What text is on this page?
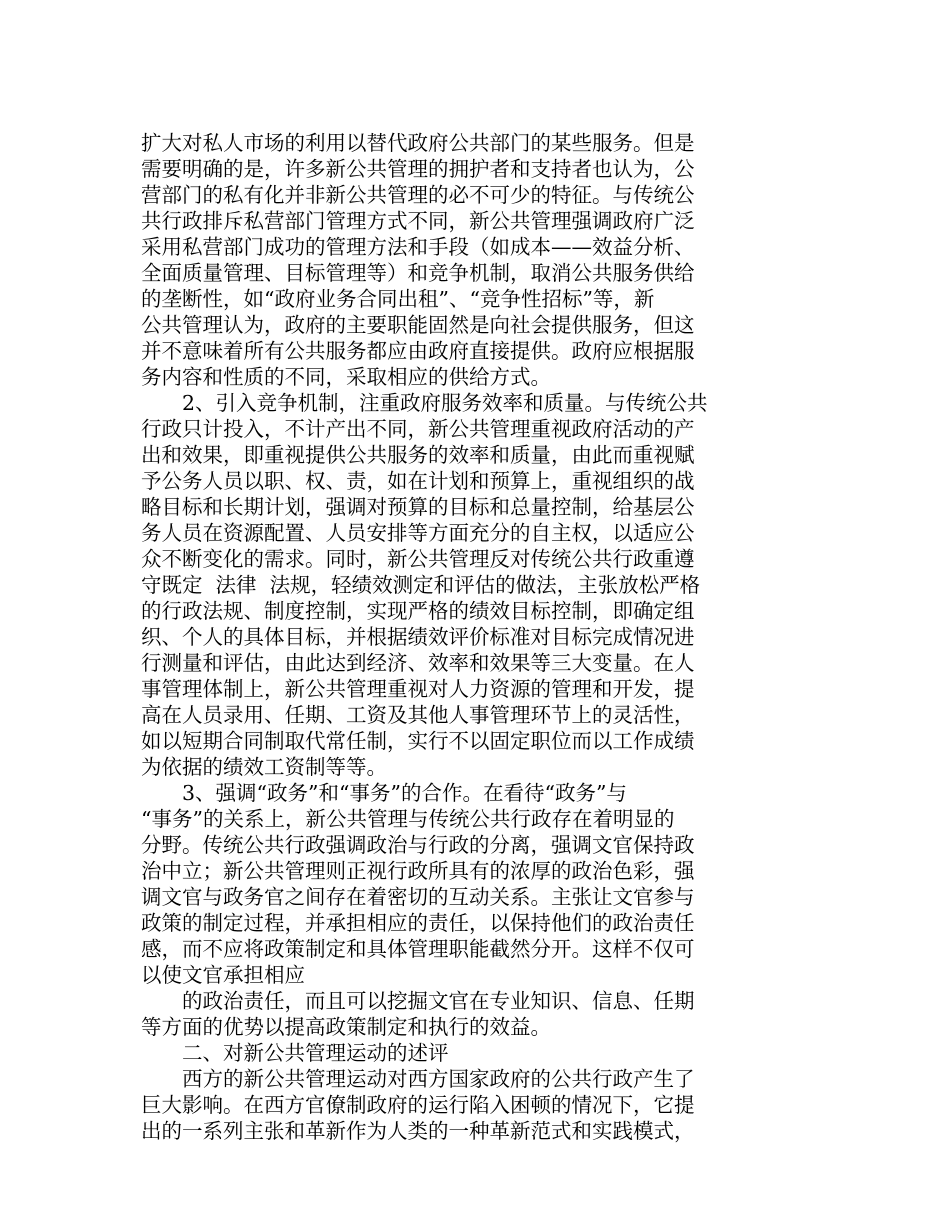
扩大对私人市场的利用以替代政府公共部门的某些服务。但是
需要明确的是，许多新公共管理的拥护者和支持者也认为，公
营部门的私有化并非新公共管理的必不可少的特征。与传统公
共行政排斥私营部门管理方式不同，新公共管理强调政府广泛
采用私营部门成功的管理方法和手段（如成本——效益分析、
全面质量管理、目标管理等）和竞争机制，取消公共服务供给
的垄断性，如“政府业务合同出租”、“竞争性招标”等，新
公共管理认为，政府的主要职能固然是向社会提供服务，但这
并不意味着所有公共服务都应由政府直接提供。政府应根据服
务内容和性质的不同，采取相应的供给方式。
　　2、引入竞争机制，注重政府服务效率和质量。与传统公共
行政只计投入，不计产出不同，新公共管理重视政府活动的产
出和效果，即重视提供公共服务的效率和质量，由此而重视赋
予公务人员以职、权、责，如在计划和预算上，重视组织的战
略目标和长期计划，强调对预算的目标和总量控制，给基层公
务人员在资源配置、人员安排等方面充分的自主权，以适应公
众不断变化的需求。同时，新公共管理反对传统公共行政重遵
守既定  法律  法规，轻绩效测定和评估的做法，主张放松严格
的行政法规、制度控制，实现严格的绩效目标控制，即确定组
织、个人的具体目标，并根据绩效评价标准对目标完成情况进
行测量和评估，由此达到经济、效率和效果等三大变量。在人
事管理体制上，新公共管理重视对人力资源的管理和开发，提
高在人员录用、任期、工资及其他人事管理环节上的灵活性，
如以短期合同制取代常任制，实行不以固定职位而以工作成绩
为依据的绩效工资制等等。
　　3、强调“政务”和“事务”的合作。在看待“政务”与
“事务”的关系上，新公共管理与传统公共行政存在着明显的
分野。传统公共行政强调政治与行政的分离，强调文官保持政
治中立；新公共管理则正视行政所具有的浓厚的政治色彩，强
调文官与政务官之间存在着密切的互动关系。主张让文官参与
政策的制定过程，并承担相应的责任，以保持他们的政治责任
感，而不应将政策制定和具体管理职能截然分开。这样不仅可
以使文官承担相应
　　的政治责任，而且可以挖掘文官在专业知识、信息、任期
等方面的优势以提高政策制定和执行的效益。
　　二、对新公共管理运动的述评
　　西方的新公共管理运动对西方国家政府的公共行政产生了
巨大影响。在西方官僚制政府的运行陷入困顿的情况下，它提
出的一系列主张和革新作为人类的一种革新范式和实践模式，
